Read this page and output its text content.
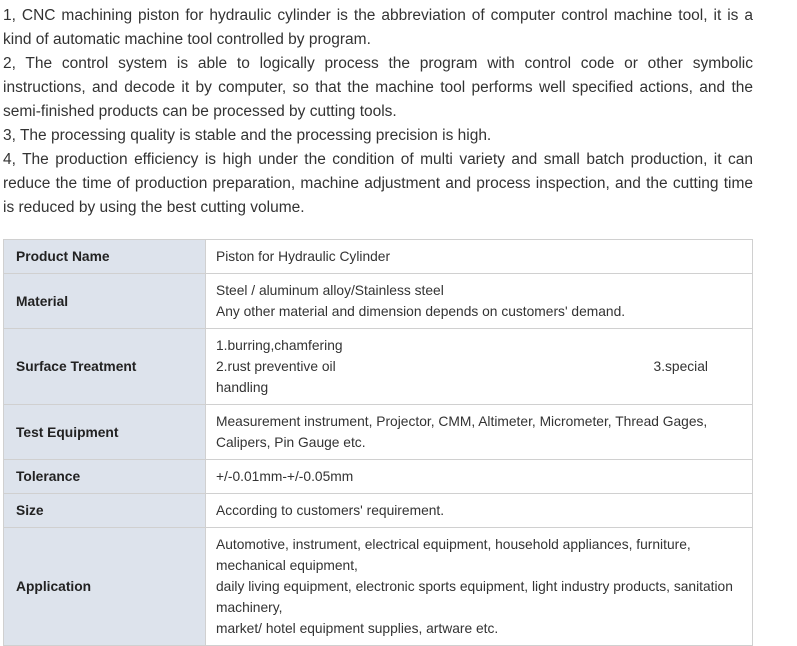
1, CNC machining piston for hydraulic cylinder is the abbreviation of computer control machine tool, it is a kind of automatic machine tool controlled by program.

2, The control system is able to logically process the program with control code or other symbolic instructions, and decode it by computer, so that the machine tool performs well specified actions, and the semi-finished products can be processed by cutting tools.

3, The processing quality is stable and the processing precision is high.

4, The production efficiency is high under the condition of multi variety and small batch production, it can reduce the time of production preparation, machine adjustment and process inspection, and the cutting time is reduced by using the best cutting volume.

Product Name	Piston for Hydraulic Cylinder
Material	Steel / aluminum alloy/Stainless steel
Any other material and dimension depends on customers' demand.

Surface Treatment	1.burring,chamfering
2.rust preventive oil 3.special
handling

Test Equipment	Measurement instrument, Projector, CMM, Altimeter, Micrometer, Thread Gages, Calipers, Pin Gauge etc.
Tolerance	+/-0.01mm-+/-0.05mm
Size	According to customers' requirement.
Application	Automotive, instrument, electrical equipment, household appliances, furniture, mechanical equipment,
daily living equipment, electronic sports equipment, light industry products, sanitation machinery,
market/ hotel equipment supplies, artware etc.
